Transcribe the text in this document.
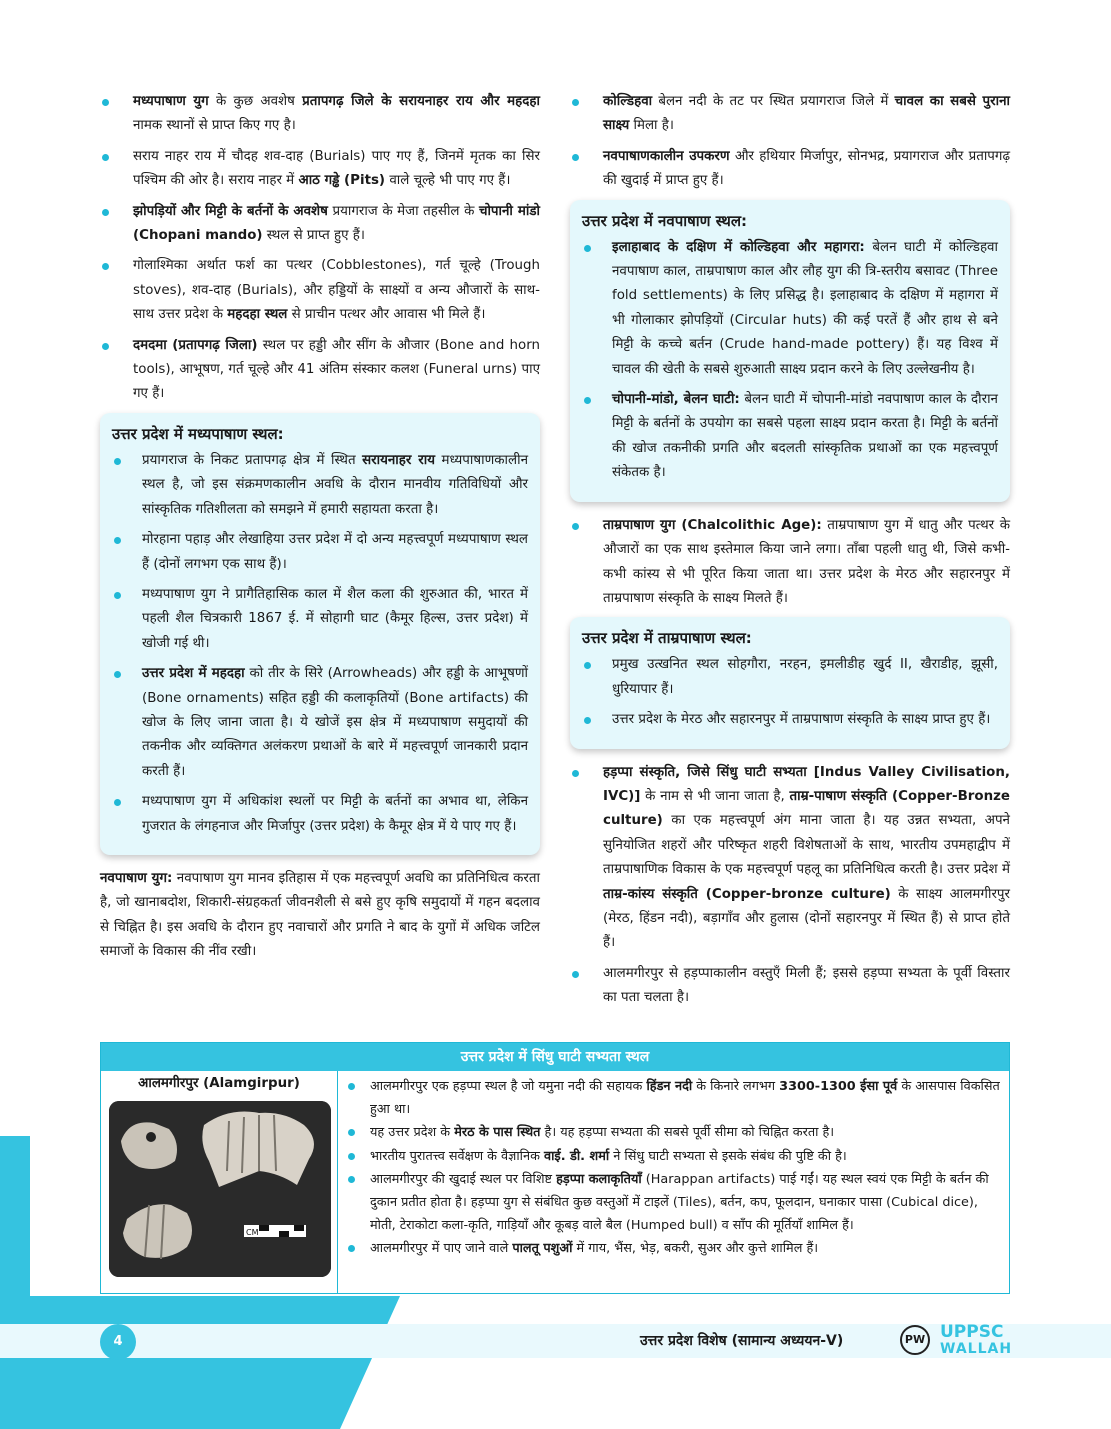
मध्यपाषाण युग के कुछ अवशेष प्रतापगढ़ जिले के सरायनाहर राय और महदहा नामक स्थानों से प्राप्त किए गए है।
सराय नाहर राय में चौदह शव-दाह (Burials) पाए गए हैं, जिनमें मृतक का सिर पश्चिम की ओर है। सराय नाहर में आठ गड्ढे (Pits) वाले चूल्हे भी पाए गए हैं।
झोपड़ियों और मिट्टी के बर्तनों के अवशेष प्रयागराज के मेजा तहसील के चोपानी मांडो (Chopani mando) स्थल से प्राप्त हुए हैं।
गोलाश्मिका अर्थात फर्श का पत्थर (Cobblestones), गर्त चूल्हे (Trough stoves), शव-दाह (Burials), और हड्डियों के साक्ष्यों व अन्य औजारों के साथ-साथ उत्तर प्रदेश के महदहा स्थल से प्राचीन पत्थर और आवास भी मिले हैं।
दमदमा (प्रतापगढ़ जिला) स्थल पर हड्डी और सींग के औजार (Bone and horn tools), आभूषण, गर्त चूल्हे और 41 अंतिम संस्कार कलश (Funeral urns) पाए गए हैं।
उत्तर प्रदेश में मध्यपाषाण स्थल:
प्रयागराज के निकट प्रतापगढ़ क्षेत्र में स्थित सरायनाहर राय मध्यपाषाणकालीन स्थल है, जो इस संक्रमणकालीन अवधि के दौरान मानवीय गतिविधियों और सांस्कृतिक गतिशीलता को समझने में हमारी सहायता करता है।
मोरहाना पहाड़ और लेखाहिया उत्तर प्रदेश में दो अन्य महत्त्वपूर्ण मध्यपाषाण स्थल हैं (दोनों लगभग एक साथ हैं)।
मध्यपाषाण युग ने प्रागैतिहासिक काल में शैल कला की शुरुआत की, भारत में पहली शैल चित्रकारी 1867 ई. में सोहागी घाट (कैमूर हिल्स, उत्तर प्रदेश) में खोजी गई थी।
उत्तर प्रदेश में महदहा को तीर के सिरे (Arrowheads) और हड्डी के आभूषणों (Bone ornaments) सहित हड्डी की कलाकृतियों (Bone artifacts) की खोज के लिए जाना जाता है। ये खोजें इस क्षेत्र में मध्यपाषाण समुदायों की तकनीक और व्यक्तिगत अलंकरण प्रथाओं के बारे में महत्त्वपूर्ण जानकारी प्रदान करती हैं।
मध्यपाषाण युग में अधिकांश स्थलों पर मिट्टी के बर्तनों का अभाव था, लेकिन गुजरात के लंगहनाज और मिर्जापुर (उत्तर प्रदेश) के कैमूर क्षेत्र में ये पाए गए हैं।

नवपाषाण युग: नवपाषाण युग मानव इतिहास में एक महत्त्वपूर्ण अवधि का प्रतिनिधित्व करता है, जो खानाबदोश, शिकारी-संग्रहकर्ता जीवनशैली से बसे हुए कृषि समुदायों में गहन बदलाव से चिह्नित है। इस अवधि के दौरान हुए नवाचारों और प्रगति ने बाद के युगों में अधिक जटिल समाजों के विकास की नींव रखी।

कोल्डिहवा बेलन नदी के तट पर स्थित प्रयागराज जिले में चावल का सबसे पुराना साक्ष्य मिला है।
नवपाषाणकालीन उपकरण और हथियार मिर्जापुर, सोनभद्र, प्रयागराज और प्रतापगढ़ की खुदाई में प्राप्त हुए हैं।
उत्तर प्रदेश में नवपाषाण स्थल:
इलाहाबाद के दक्षिण में कोल्डिहवा और महागरा: बेलन घाटी में कोल्डिहवा नवपाषाण काल, ताम्रपाषाण काल और लौह युग की त्रि-स्तरीय बसावट (Three fold settlements) के लिए प्रसिद्ध है। इलाहाबाद के दक्षिण में महागरा में भी गोलाकार झोपड़ियों (Circular huts) की कई परतें हैं और हाथ से बने मिट्टी के कच्चे बर्तन (Crude hand-made pottery) हैं। यह विश्व में चावल की खेती के सबसे शुरुआती साक्ष्य प्रदान करने के लिए उल्लेखनीय है।
चोपानी-मांडो, बेलन घाटी: बेलन घाटी में चोपानी-मांडो नवपाषाण काल के दौरान मिट्टी के बर्तनों के उपयोग का सबसे पहला साक्ष्य प्रदान करता है। मिट्टी के बर्तनों की खोज तकनीकी प्रगति और बदलती सांस्कृतिक प्रथाओं का एक महत्त्वपूर्ण संकेतक है।
ताम्रपाषाण युग (Chalcolithic Age): ताम्रपाषाण युग में धातु और पत्थर के औजारों का एक साथ इस्तेमाल किया जाने लगा। ताँबा पहली धातु थी, जिसे कभी-कभी कांस्य से भी पूरित किया जाता था। उत्तर प्रदेश के मेरठ और सहारनपुर में ताम्रपाषाण संस्कृति के साक्ष्य मिलते हैं।
उत्तर प्रदेश में ताम्रपाषाण स्थल:
प्रमुख उत्खनित स्थल सोहगौरा, नरहन, इमलीडीह खुर्द II, खैराडीह, झूसी, धुरियापार हैं।
उत्तर प्रदेश के मेरठ और सहारनपुर में ताम्रपाषाण संस्कृति के साक्ष्य प्राप्त हुए हैं।
हड़प्पा संस्कृति, जिसे सिंधु घाटी सभ्यता [Indus Valley Civilisation, IVC)] के नाम से भी जाना जाता है, ताम्र-पाषाण संस्कृति (Copper-Bronze culture) का एक महत्त्वपूर्ण अंग माना जाता है। यह उन्नत सभ्यता, अपने सुनियोजित शहरों और परिष्कृत शहरी विशेषताओं के साथ, भारतीय उपमहाद्वीप में ताम्रपाषाणिक विकास के एक महत्त्वपूर्ण पहलू का प्रतिनिधित्व करती है। उत्तर प्रदेश में ताम्र-कांस्य संस्कृति (Copper-bronze culture) के साक्ष्य आलमगीरपुर (मेरठ, हिंडन नदी), बड़ागाँव और हुलास (दोनों सहारनपुर में स्थित हैं) से प्राप्त होते हैं।
आलमगीरपुर से हड़प्पाकालीन वस्तुएँ मिली हैं; इससे हड़प्पा सभ्यता के पूर्वी विस्तार का पता चलता है।
उत्तर प्रदेश में सिंधु घाटी सभ्यता स्थल
आलमगीरपुर (Alamgirpur)
CM
आलमगीरपुर एक हड़प्पा स्थल है जो यमुना नदी की सहायक हिंडन नदी के किनारे लगभग 3300-1300 ईसा पूर्व के आसपास विकसित हुआ था।
यह उत्तर प्रदेश के मेरठ के पास स्थित है। यह हड़प्पा सभ्यता की सबसे पूर्वी सीमा को चिह्नित करता है।
भारतीय पुरातत्त्व सर्वेक्षण के वैज्ञानिक वाई. डी. शर्मा ने सिंधु घाटी सभ्यता से इसके संबंध की पुष्टि की है।
आलमगीरपुर की खुदाई स्थल पर विशिष्ट हड़प्पा कलाकृतियाँ (Harappan artifacts) पाई गईं। यह स्थल स्वयं एक मिट्टी के बर्तन की दुकान प्रतीत होता है। हड़प्पा युग से संबंधित कुछ वस्तुओं में टाइलें (Tiles), बर्तन, कप, फूलदान, घनाकार पासा (Cubical dice), मोती, टेराकोटा कला-कृति, गाड़ियाँ और कूबड़ वाले बैल (Humped bull) व साँप की मूर्तियाँ शामिल हैं।
आलमगीरपुर में पाए जाने वाले पालतू पशुओं में गाय, भैंस, भेड़, बकरी, सुअर और कुत्ते शामिल हैं।
4	उत्तर प्रदेश विशेष (सामान्य अध्ययन-V)	PW UPPSC
WALLAH
